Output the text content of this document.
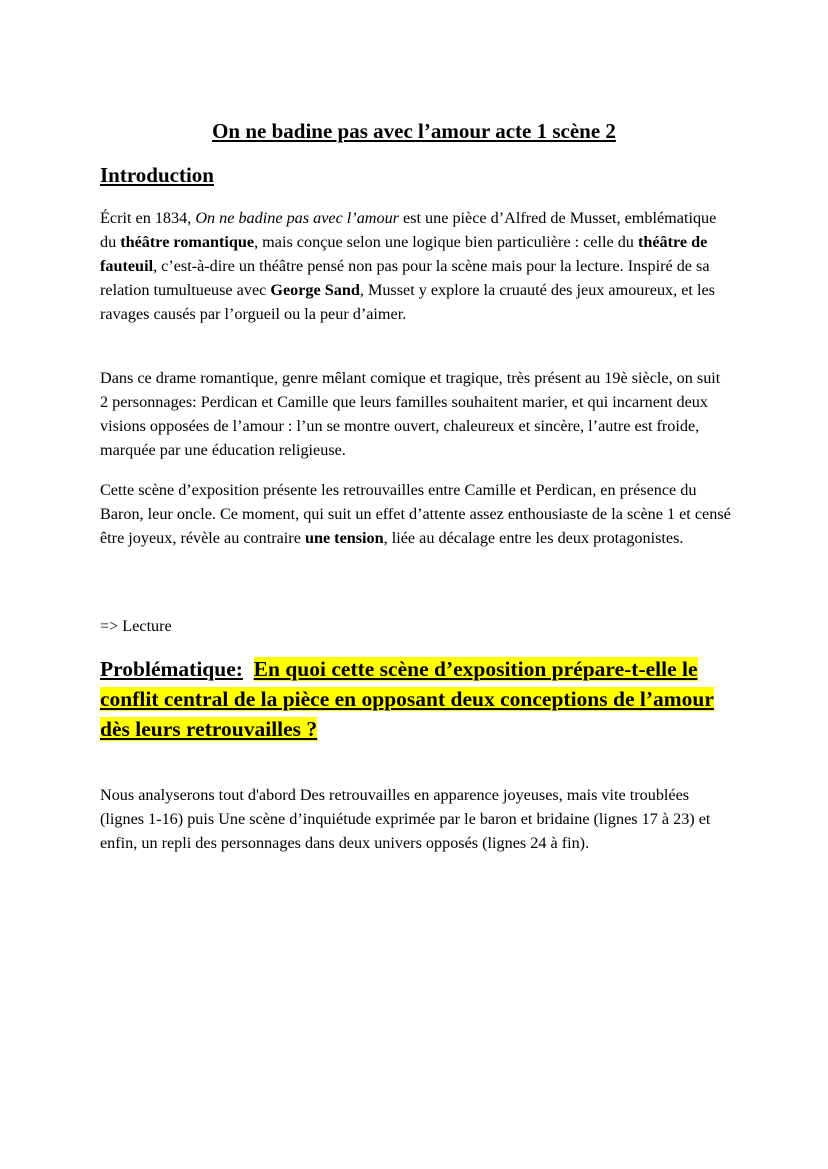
On ne badine pas avec l’amour acte 1 scène 2
Introduction

Écrit en 1834, On ne badine pas avec l’amour est une pièce d’Alfred de Musset, emblématique du théâtre romantique, mais conçue selon une logique bien particulière : celle du théâtre de fauteuil, c’est-à-dire un théâtre pensé non pas pour la scène mais pour la lecture. Inspiré de sa relation tumultueuse avec George Sand, Musset y explore la cruauté des jeux amoureux, et les ravages causés par l’orgueil ou la peur d’aimer.

Dans ce drame romantique, genre mêlant comique et tragique, très présent au 19è siècle, on suit 2 personnages: Perdican et Camille que leurs familles souhaitent marier, et qui incarnent deux visions opposées de l’amour : l’un se montre ouvert, chaleureux et sincère, l’autre est froide, marquée par une éducation religieuse.

Cette scène d’exposition présente les retrouvailles entre Camille et Perdican, en présence du Baron, leur oncle. Ce moment, qui suit un effet d’attente assez enthousiaste de la scène 1 et censé être joyeux, révèle au contraire une tension, liée au décalage entre les deux protagonistes.

=> Lecture

Problématique: En quoi cette scène d’exposition prépare-t-elle le conflit central de la pièce en opposant deux conceptions de l’amour dès leurs retrouvailles ?

Nous analyserons tout d'abord Des retrouvailles en apparence joyeuses, mais vite troublées (lignes 1-16) puis Une scène d’inquiétude exprimée par le baron et bridaine (lignes 17 à 23) et enfin, un repli des personnages dans deux univers opposés (lignes 24 à fin).
